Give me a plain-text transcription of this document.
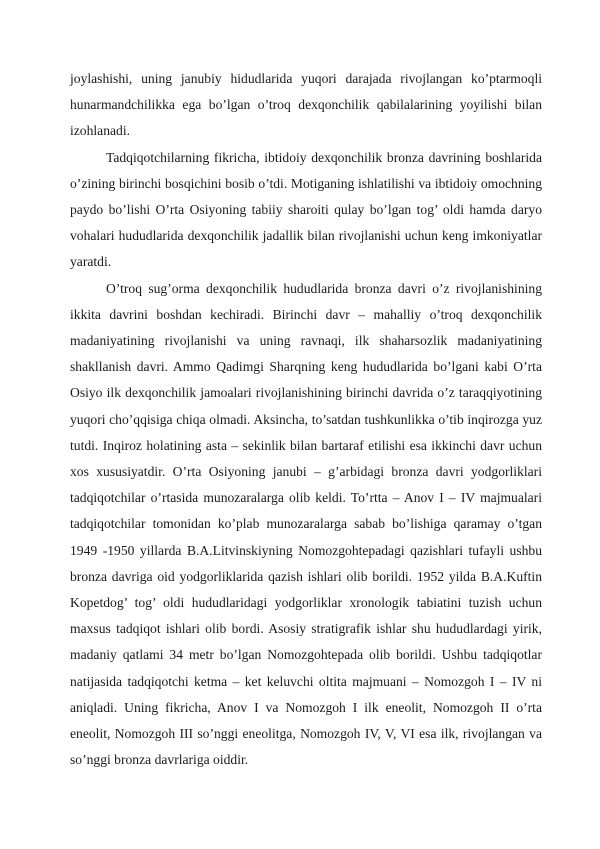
joylashishi, uning janubiy hidudlarida yuqori darajada rivojlangan ko’ptarmoqli hunarmandchilikka ega bo’lgan o’troq dexqonchilik qabilalarining yoyilishi bilan izohlanadi.

Tadqiqotchilarning fikricha, ibtidoiy dexqonchilik bronza davrining boshlarida o’zining birinchi bosqichini bosib o’tdi. Motiganing ishlatilishi va ibtidoiy omochning paydo bo’lishi O’rta Osiyoning tabiiy sharoiti qulay bo’lgan tog’ oldi hamda daryo vohalari hududlarida dexqonchilik jadallik bilan rivojlanishi uchun keng imkoniyatlar yaratdi.

O’troq sug’orma dexqonchilik hududlarida bronza davri o’z rivojlanishining ikkita davrini boshdan kechiradi. Birinchi davr – mahalliy o’troq dexqonchilik madaniyatining rivojlanishi va uning ravnaqi, ilk shaharsozlik madaniyatining shakllanish davri. Ammo Qadimgi Sharqning keng hududlarida bo’lgani kabi O’rta Osiyo ilk dexqonchilik jamoalari rivojlanishining birinchi davrida o’z taraqqiyotining yuqori cho’qqisiga chiqa olmadi. Aksincha, to’satdan tushkunlikka o’tib inqirozga yuz tutdi. Inqiroz holatining asta – sekinlik bilan bartaraf etilishi esa ikkinchi davr uchun xos xususiyatdir. O’rta Osiyoning janubi – g’arbidagi bronza davri yodgorliklari tadqiqotchilar o’rtasida munozaralarga olib keldi. To’rtta – Anov I – IV majmualari tadqiqotchilar tomonidan ko’plab munozaralarga sabab bo’lishiga qaramay o’tgan 1949 -1950 yillarda B.A.Litvinskiyning Nomozgohtepadagi qazishlari tufayli ushbu bronza davriga oid yodgorliklarida qazish ishlari olib borildi. 1952 yilda B.A.Kuftin Kopetdog’ tog’ oldi hududlaridagi yodgorliklar xronologik tabiatini tuzish uchun maxsus tadqiqot ishlari olib bordi. Asosiy stratigrafik ishlar shu hududlardagi yirik, madaniy qatlami 34 metr bo’lgan Nomozgohtepada olib borildi. Ushbu tadqiqotlar natijasida tadqiqotchi ketma – ket keluvchi oltita majmuani – Nomozgoh I – IV ni aniqladi. Uning fikricha, Anov I va Nomozgoh I ilk eneolit, Nomozgoh II o’rta eneolit, Nomozgoh III so’nggi eneolitga, Nomozgoh IV, V, VI esa ilk, rivojlangan va so’nggi bronza davrlariga oiddir.
